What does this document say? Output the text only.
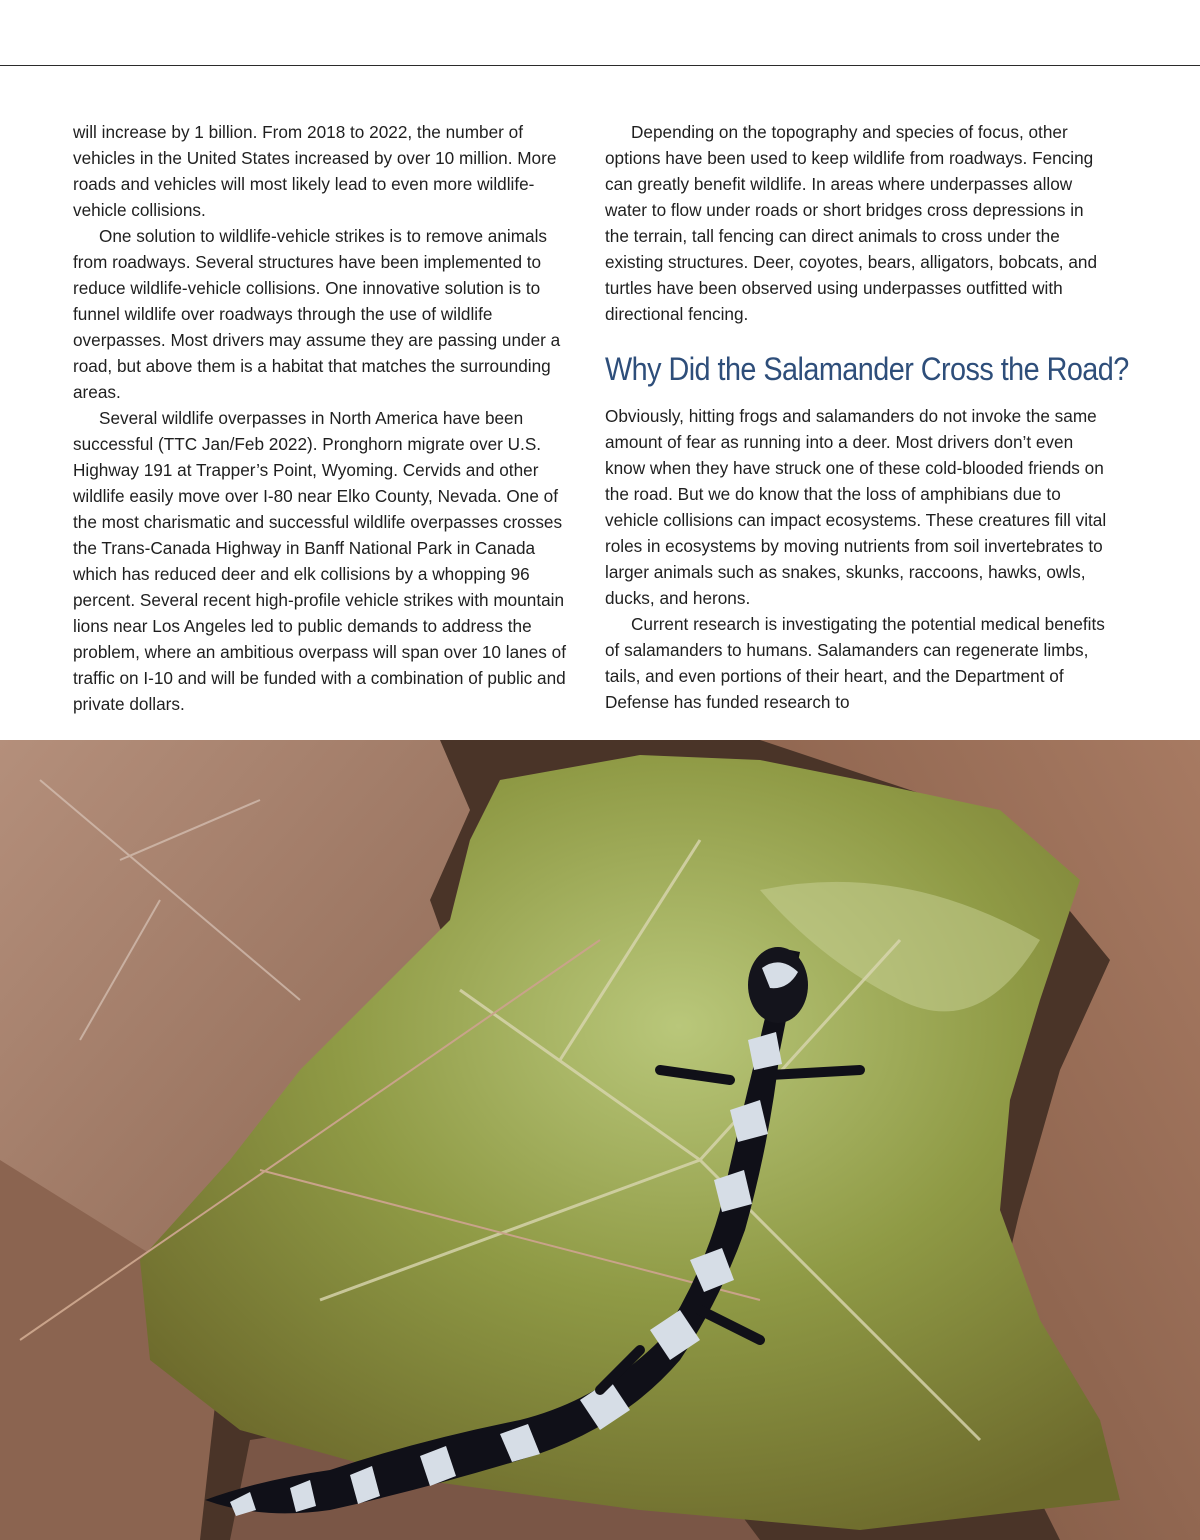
will increase by 1 billion. From 2018 to 2022, the number of vehicles in the United States increased by over 10 million. More roads and vehicles will most likely lead to even more wildlife-vehicle collisions.

One solution to wildlife-vehicle strikes is to remove animals from roadways. Several structures have been implemented to reduce wildlife-vehicle collisions. One innovative solution is to funnel wildlife over roadways through the use of wildlife overpasses. Most drivers may assume they are passing under a road, but above them is a habitat that matches the surrounding areas.

Several wildlife overpasses in North America have been successful (TTC Jan/Feb 2022). Pronghorn migrate over U.S. Highway 191 at Trapper’s Point, Wyoming. Cervids and other wildlife easily move over I-80 near Elko County, Nevada. One of the most charismatic and successful wildlife overpasses crosses the Trans-Canada Highway in Banff National Park in Canada which has reduced deer and elk collisions by a whopping 96 percent. Several recent high-profile vehicle strikes with mountain lions near Los Angeles led to public demands to address the problem, where an ambitious overpass will span over 10 lanes of traffic on I-10 and will be funded with a combination of public and private dollars.

Depending on the topography and species of focus, other options have been used to keep wildlife from roadways. Fencing can greatly benefit wildlife. In areas where underpasses allow water to flow under roads or short bridges cross depressions in the terrain, tall fencing can direct animals to cross under the existing structures. Deer, coyotes, bears, alligators, bobcats, and turtles have been observed using underpasses outfitted with directional fencing.

Why Did the Salamander Cross the Road?

Obviously, hitting frogs and salamanders do not invoke the same amount of fear as running into a deer. Most drivers don’t even know when they have struck one of these cold-blooded friends on the road. But we do know that the loss of amphibians due to vehicle collisions can impact ecosystems. These creatures fill vital roles in ecosystems by moving nutrients from soil invertebrates to larger animals such as snakes, skunks, raccoons, hawks, owls, ducks, and herons.

Current research is investigating the potential medical benefits of salamanders to humans. Salamanders can regenerate limbs, tails, and even portions of their heart, and the Department of Defense has funded research to
